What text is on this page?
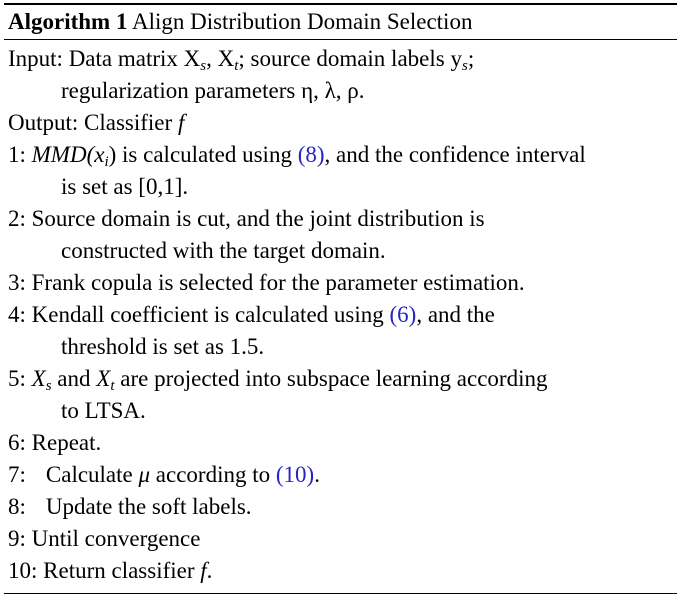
Algorithm 1 Align Distribution Domain Selection
Input: Data matrix $X_s$, $X_t$; source domain labels $y_s$;
regularization parameters η, λ, ρ.
Output: Classifier f
1: $MMD(x_i)$ is calculated using (8), and the confidence interval
is set as [0,1].
2: Source domain is cut, and the joint distribution is
constructed with the target domain.
3: Frank copula is selected for the parameter estimation.
4: Kendall coefficient is calculated using (6), and the
threshold is set as 1.5.
5: $X_s$ and $X_t$ are projected into subspace learning according
to LTSA.
6: Repeat.
7: Calculate μ according to (10).
8: Update the soft labels.
9: Until convergence
10: Return classifier f.
